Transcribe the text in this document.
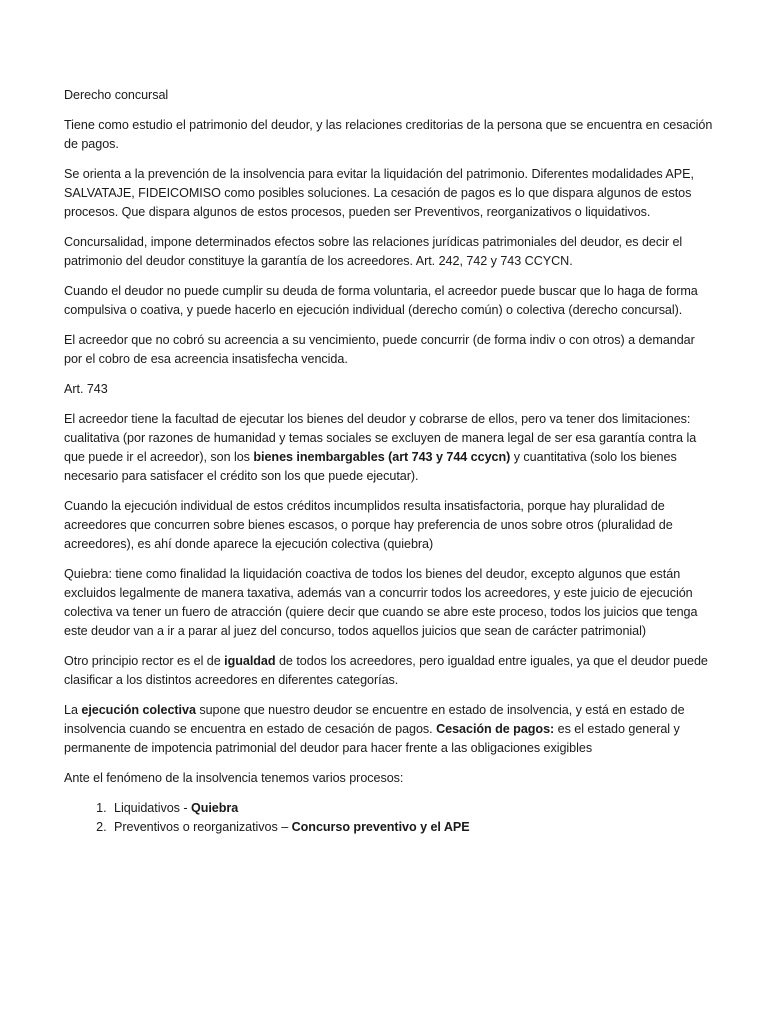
Derecho concursal

Tiene como estudio el patrimonio del deudor, y las relaciones creditorias de la persona que se encuentra en cesación de pagos.

Se orienta a la prevención de la insolvencia para evitar la liquidación del patrimonio. Diferentes modalidades APE, SALVATAJE, FIDEICOMISO como posibles soluciones. La cesación de pagos es lo que dispara algunos de estos procesos. Que dispara algunos de estos procesos, pueden ser Preventivos, reorganizativos o liquidativos.

Concursalidad, impone determinados efectos sobre las relaciones jurídicas patrimoniales del deudor, es decir el patrimonio del deudor constituye la garantía de los acreedores. Art. 242, 742 y 743 CCYCN.

Cuando el deudor no puede cumplir su deuda de forma voluntaria, el acreedor puede buscar que lo haga de forma compulsiva o coativa, y puede hacerlo en ejecución individual (derecho común) o colectiva (derecho concursal).

El acreedor que no cobró su acreencia a su vencimiento, puede concurrir (de forma indiv o con otros) a demandar por el cobro de esa acreencia insatisfecha vencida.

Art. 743

El acreedor tiene la facultad de ejecutar los bienes del deudor y cobrarse de ellos, pero va tener dos limitaciones: cualitativa (por razones de humanidad y temas sociales se excluyen de manera legal de ser esa garantía contra la que puede ir el acreedor), son los bienes inembargables (art 743 y 744 ccycn) y cuantitativa (solo los bienes necesario para satisfacer el crédito son los que puede ejecutar).

Cuando la ejecución individual de estos créditos incumplidos resulta insatisfactoria, porque hay pluralidad de acreedores que concurren sobre bienes escasos, o porque hay preferencia de unos sobre otros (pluralidad de acreedores), es ahí donde aparece la ejecución colectiva (quiebra)

Quiebra: tiene como finalidad la liquidación coactiva de todos los bienes del deudor, excepto algunos que están excluidos legalmente de manera taxativa, además van a concurrir todos los acreedores, y este juicio de ejecución colectiva va tener un fuero de atracción (quiere decir que cuando se abre este proceso, todos los juicios que tenga este deudor van a ir a parar al juez del concurso, todos aquellos juicios que sean de carácter patrimonial)

Otro principio rector es el de igualdad de todos los acreedores, pero igualdad entre iguales, ya que el deudor puede clasificar a los distintos acreedores en diferentes categorías.

La ejecución colectiva supone que nuestro deudor se encuentre en estado de insolvencia, y está en estado de insolvencia cuando se encuentra en estado de cesación de pagos. Cesación de pagos: es el estado general y permanente de impotencia patrimonial del deudor para hacer frente a las obligaciones exigibles

Ante el fenómeno de la insolvencia tenemos varios procesos:

1. Liquidativos - Quiebra
2. Preventivos o reorganizativos – Concurso preventivo y el APE
